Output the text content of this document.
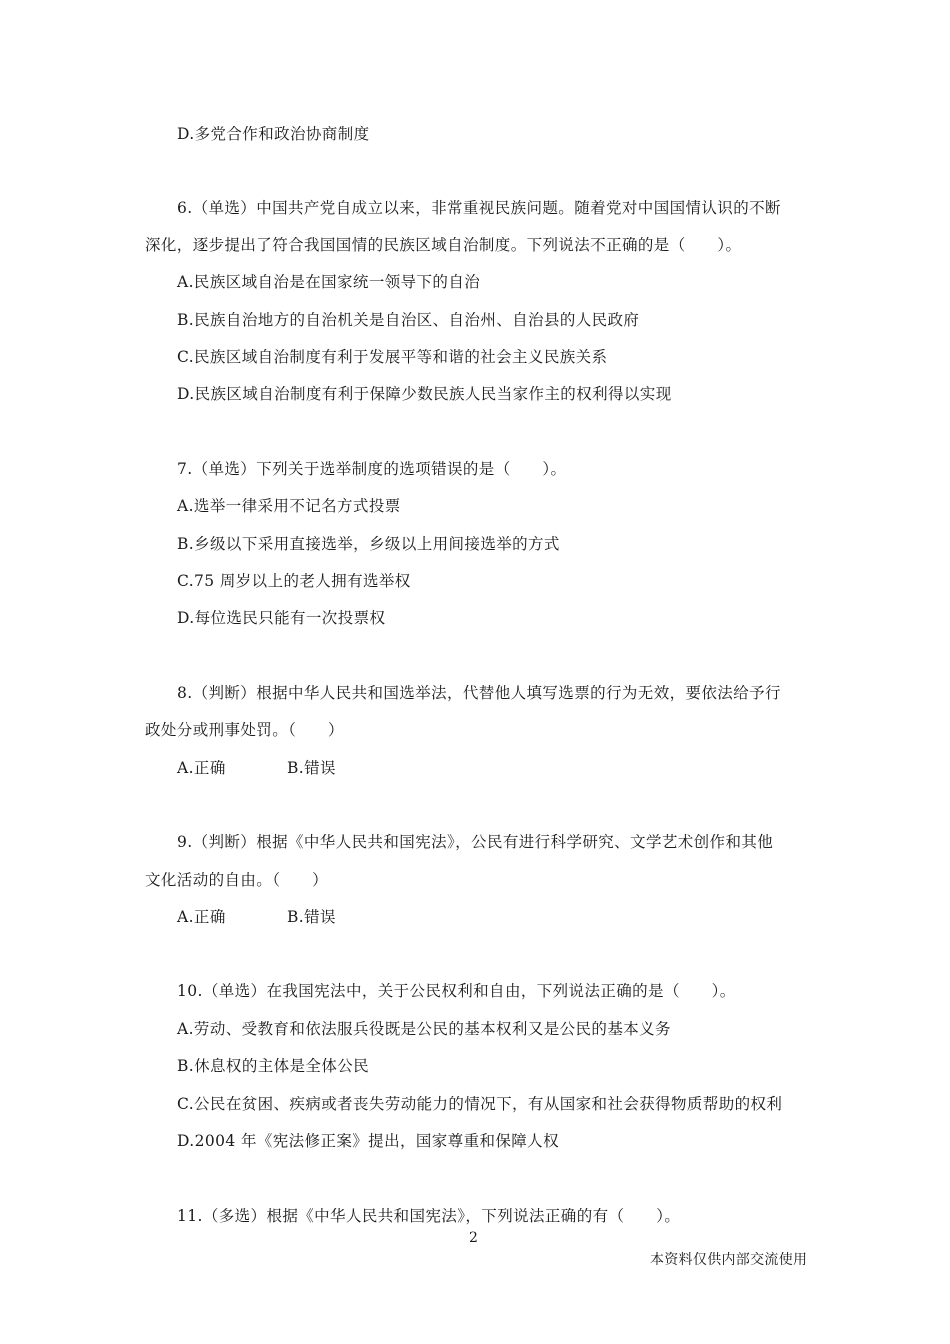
D.多党合作和政治协商制度
6.（单选）中国共产党自成立以来，非常重视民族问题。随着党对中国国情认识的不断
深化，逐步提出了符合我国国情的民族区域自治制度。下列说法不正确的是（　　）。
A.民族区域自治是在国家统一领导下的自治
B.民族自治地方的自治机关是自治区、自治州、自治县的人民政府
C.民族区域自治制度有利于发展平等和谐的社会主义民族关系
D.民族区域自治制度有利于保障少数民族人民当家作主的权利得以实现
7.（单选）下列关于选举制度的选项错误的是（　　）。
A.选举一律采用不记名方式投票
B.乡级以下采用直接选举，乡级以上用间接选举的方式
C.75 周岁以上的老人拥有选举权
D.每位选民只能有一次投票权
8.（判断）根据中华人民共和国选举法，代替他人填写选票的行为无效，要依法给予行
政处分或刑事处罚。（　　）
A.正确	B.错误
9.（判断）根据《中华人民共和国宪法》，公民有进行科学研究、文学艺术创作和其他
文化活动的自由。（　　）
A.正确	B.错误
10.（单选）在我国宪法中，关于公民权利和自由，下列说法正确的是（　　）。
A.劳动、受教育和依法服兵役既是公民的基本权利又是公民的基本义务
B.休息权的主体是全体公民
C.公民在贫困、疾病或者丧失劳动能力的情况下，有从国家和社会获得物质帮助的权利
D.2004 年《宪法修正案》提出，国家尊重和保障人权
11.（多选）根据《中华人民共和国宪法》，下列说法正确的有（　　）。
2
本资料仅供内部交流使用
